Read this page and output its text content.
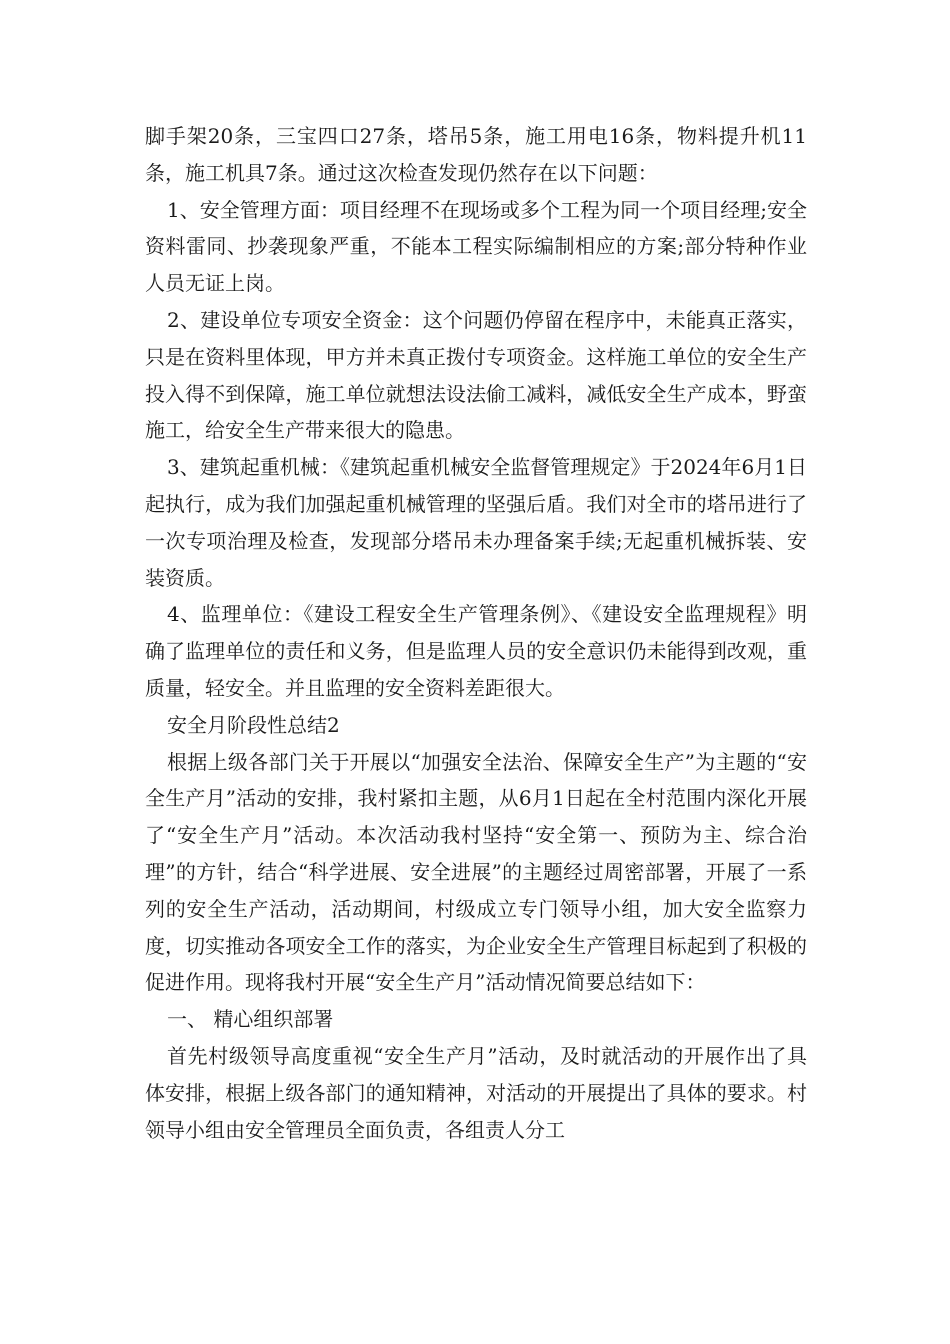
脚手架20条，三宝四口27条，塔吊5条，施工用电16条，物料提升机11条，施工机具7条。通过这次检查发现仍然存在以下问题：

1、安全管理方面：项目经理不在现场或多个工程为同一个项目经理;安全资料雷同、抄袭现象严重，不能本工程实际编制相应的方案;部分特种作业人员无证上岗。

2、建设单位专项安全资金：这个问题仍停留在程序中，未能真正落实，只是在资料里体现，甲方并未真正拨付专项资金。这样施工单位的安全生产投入得不到保障，施工单位就想法设法偷工减料，减低安全生产成本，野蛮施工，给安全生产带来很大的隐患。

3、建筑起重机械：《建筑起重机械安全监督管理规定》于2024年6月1日起执行，成为我们加强起重机械管理的坚强后盾。我们对全市的塔吊进行了一次专项治理及检查，发现部分塔吊未办理备案手续;无起重机械拆装、安装资质。

4、监理单位：《建设工程安全生产管理条例》、《建设安全监理规程》明确了监理单位的责任和义务，但是监理人员的安全意识仍未能得到改观，重质量，轻安全。并且监理的安全资料差距很大。

安全月阶段性总结2

根据上级各部门关于开展以“加强安全法治、保障安全生产”为主题的“安全生产月”活动的安排，我村紧扣主题，从6月1日起在全村范围内深化开展了“安全生产月”活动。本次活动我村坚持“安全第一、预防为主、综合治理”的方针，结合“科学进展、安全进展”的主题经过周密部署，开展了一系列的安全生产活动，活动期间，村级成立专门领导小组，加大安全监察力度，切实推动各项安全工作的落实，为企业安全生产管理目标起到了积极的促进作用。现将我村开展“安全生产月”活动情况简要总结如下：

一、 精心组织部署

首先村级领导高度重视“安全生产月”活动，及时就活动的开展作出了具体安排，根据上级各部门的通知精神，对活动的开展提出了具体的要求。村领导小组由安全管理员全面负责，各组责人分工
